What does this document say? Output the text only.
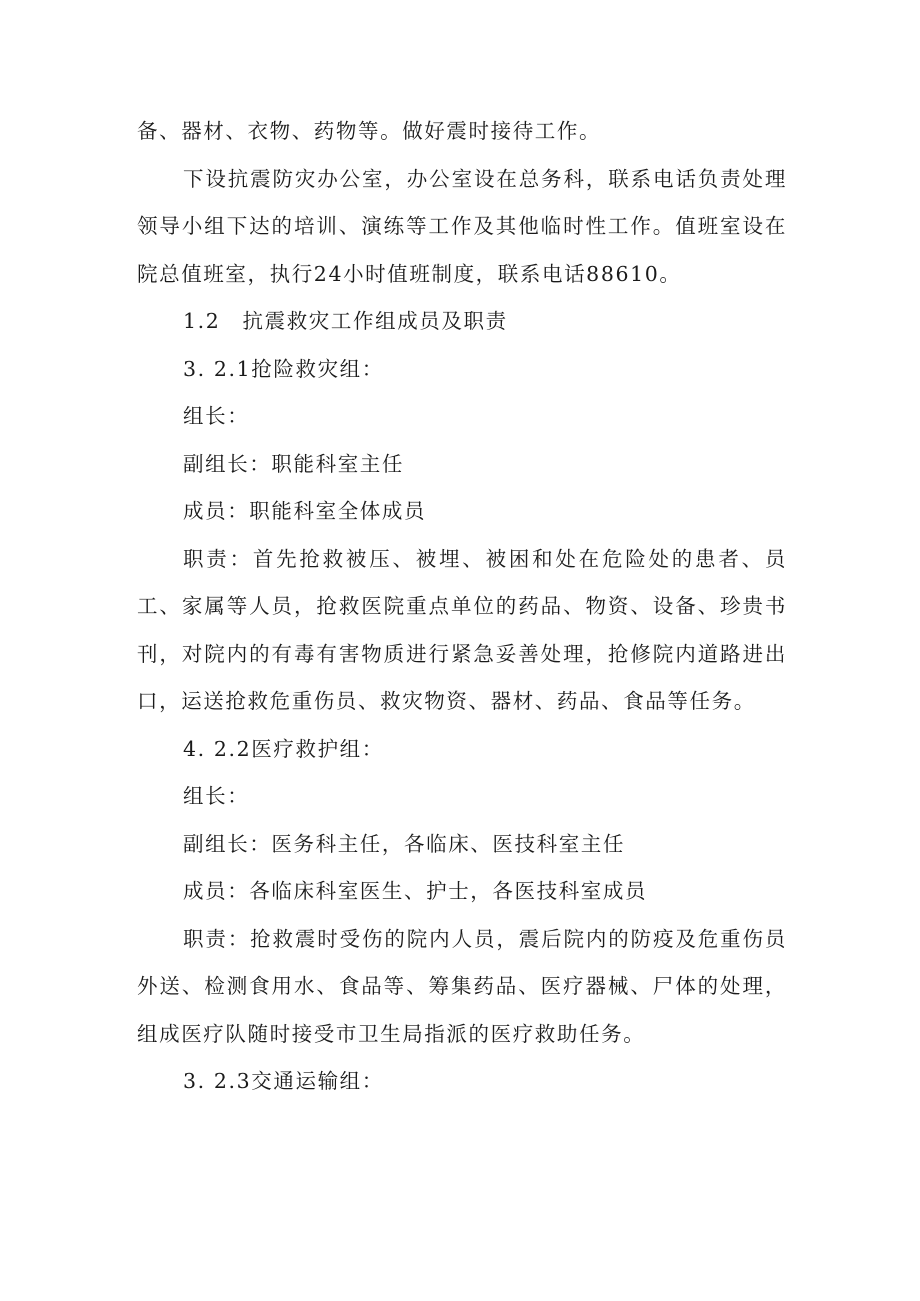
备、器材、衣物、药物等。做好震时接待工作。

下设抗震防灾办公室，办公室设在总务科，联系电话负责处理领导小组下达的培训、演练等工作及其他临时性工作。值班室设在院总值班室，执行24小时值班制度，联系电话88610。

1.2　抗震救灾工作组成员及职责

3. 2.1抢险救灾组：

组长：

副组长：职能科室主任

成员：职能科室全体成员

职责：首先抢救被压、被埋、被困和处在危险处的患者、员工、家属等人员，抢救医院重点单位的药品、物资、设备、珍贵书刊，对院内的有毒有害物质进行紧急妥善处理，抢修院内道路进出口，运送抢救危重伤员、救灾物资、器材、药品、食品等任务。

4. 2.2医疗救护组：

组长：

副组长：医务科主任，各临床、医技科室主任

成员：各临床科室医生、护士，各医技科室成员

职责：抢救震时受伤的院内人员，震后院内的防疫及危重伤员外送、检测食用水、食品等、筹集药品、医疗器械、尸体的处理，组成医疗队随时接受市卫生局指派的医疗救助任务。

3. 2.3交通运输组：
